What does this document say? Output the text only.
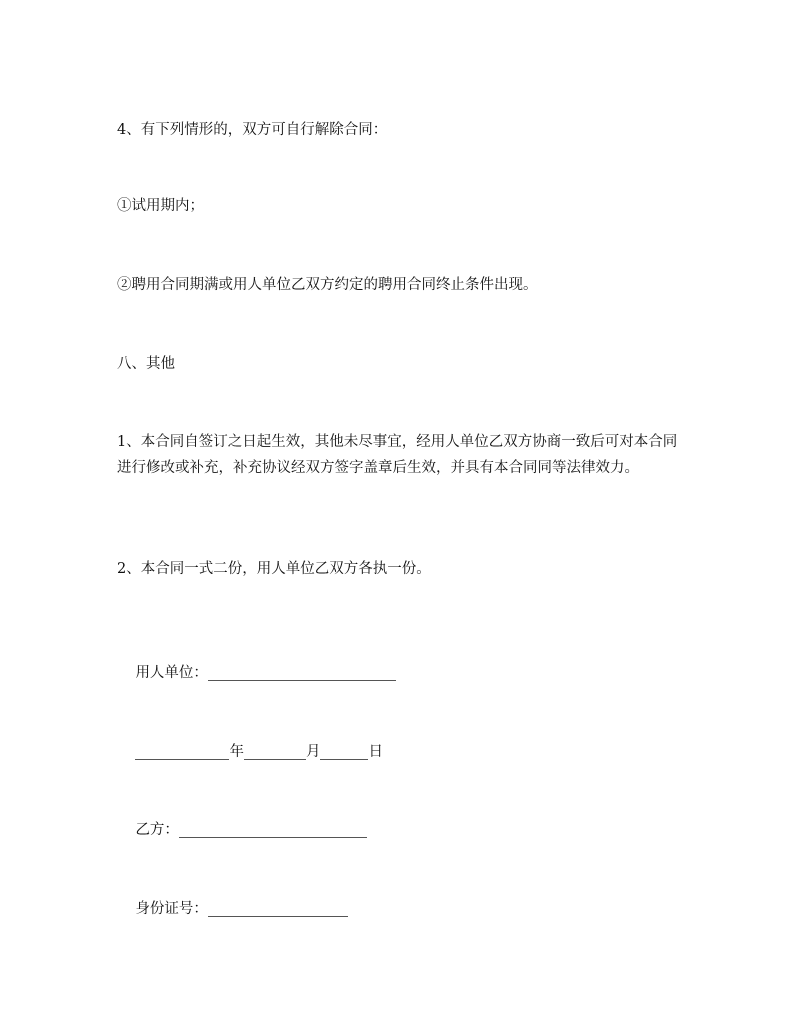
4、有下列情形的，双方可自行解除合同：

①试用期内；

②聘用合同期满或用人单位乙双方约定的聘用合同终止条件出现。

八、其他

1、本合同自签订之日起生效，其他未尽事宜，经用人单位乙双方协商一致后可对本合同进行修改或补充，补充协议经双方签字盖章后生效，并具有本合同同等法律效力。

2、本合同一式二份，用人单位乙双方各执一份。

用人单位：

年	月	日

乙方：

身份证号：
